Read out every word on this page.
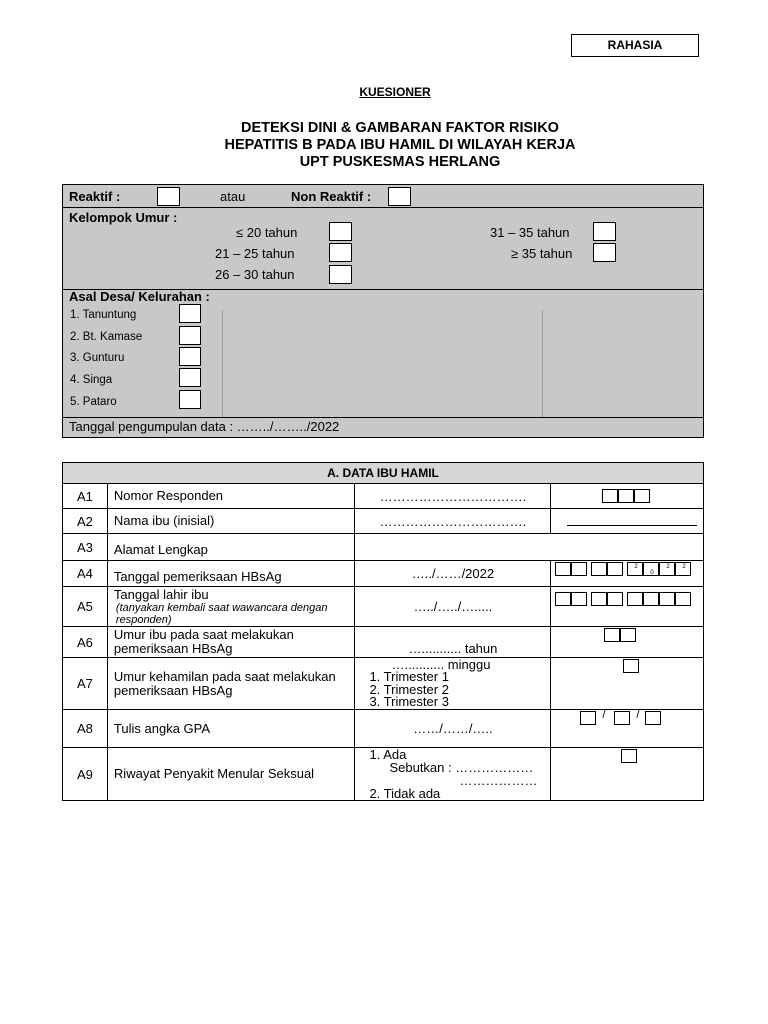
RAHASIA
KUESIONER
DETEKSI DINI & GAMBARAN FAKTOR RISIKO
HEPATITIS B PADA IBU HAMIL DI WILAYAH KERJA
UPT PUSKESMAS HERLANG
Reaktif :	atau	Non Reaktif :
Kelompok Umur :
≤ 20 tahun
21 – 25 tahun
26 – 30 tahun
31 – 35 tahun
≥ 35 tahun
Asal Desa/ Kelurahan :
1. Tanuntung
2. Bt. Kamase
3. Gunturu
4. Singa
5. Pataro
Tanggal pengumpulan data : ……../……../2022
A. DATA IBU HAMIL			
A1	Nomor Responden	…………………………….	

A2	Nama ibu (inisial)	…………………………….	

A3	Alamat Lengkap		
A4	Tanggal pemeriksaan HBsAg	…../……/2022	2
0
2 2

A5	Tanggal lahir ibu
(tanyakan kembali saat wawancara dengan responden)	…../…../….....	

A6	Umur ibu pada saat melakukan pemeriksaan HBsAg	…........... tahun	

A7	Umur kehamilan pada saat melakukan pemeriksaan HBsAg	…........... minggu
1. Trimester 1
2. Trimester 2
3. Trimester 3	

A8	Tulis angka GPA	……/……/…..	/ /

A9	Riwayat Penyakit Menular Seksual	1. Ada
Sebutkan : ………………
………………
2. Tidak ada	
